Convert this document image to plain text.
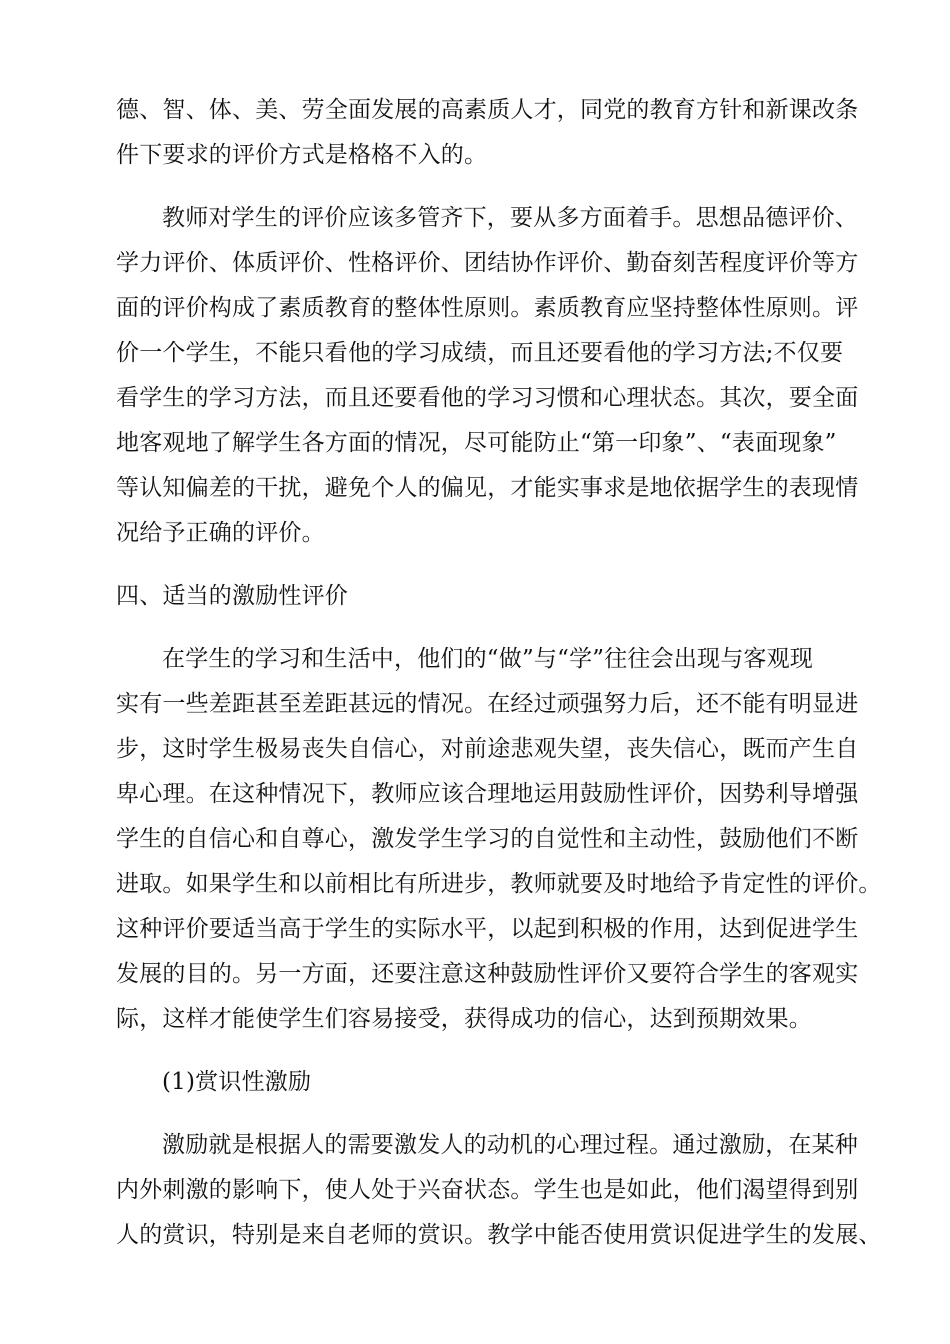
德、智、体、美、劳全面发展的高素质人才，同党的教育方针和新课改条
件下要求的评价方式是格格不入的。
教师对学生的评价应该多管齐下，要从多方面着手。思想品德评价、
学力评价、体质评价、性格评价、团结协作评价、勤奋刻苦程度评价等方
面的评价构成了素质教育的整体性原则。素质教育应坚持整体性原则。评
价一个学生，不能只看他的学习成绩，而且还要看他的学习方法;不仅要
看学生的学习方法，而且还要看他的学习习惯和心理状态。其次，要全面
地客观地了解学生各方面的情况，尽可能防止“第一印象”、“表面现象”
等认知偏差的干扰，避免个人的偏见，才能实事求是地依据学生的表现情
况给予正确的评价。
四、适当的激励性评价
在学生的学习和生活中，他们的“做”与“学”往往会出现与客观现
实有一些差距甚至差距甚远的情况。在经过顽强努力后，还不能有明显进
步，这时学生极易丧失自信心，对前途悲观失望，丧失信心，既而产生自
卑心理。在这种情况下，教师应该合理地运用鼓励性评价，因势利导增强
学生的自信心和自尊心，激发学生学习的自觉性和主动性，鼓励他们不断
进取。如果学生和以前相比有所进步，教师就要及时地给予肯定性的评价。
这种评价要适当高于学生的实际水平，以起到积极的作用，达到促进学生
发展的目的。另一方面，还要注意这种鼓励性评价又要符合学生的客观实
际，这样才能使学生们容易接受，获得成功的信心，达到预期效果。
(1)赏识性激励
激励就是根据人的需要激发人的动机的心理过程。通过激励，在某种
内外刺激的影响下，使人处于兴奋状态。学生也是如此，他们渴望得到别
人的赏识，特别是来自老师的赏识。教学中能否使用赏识促进学生的发展、
